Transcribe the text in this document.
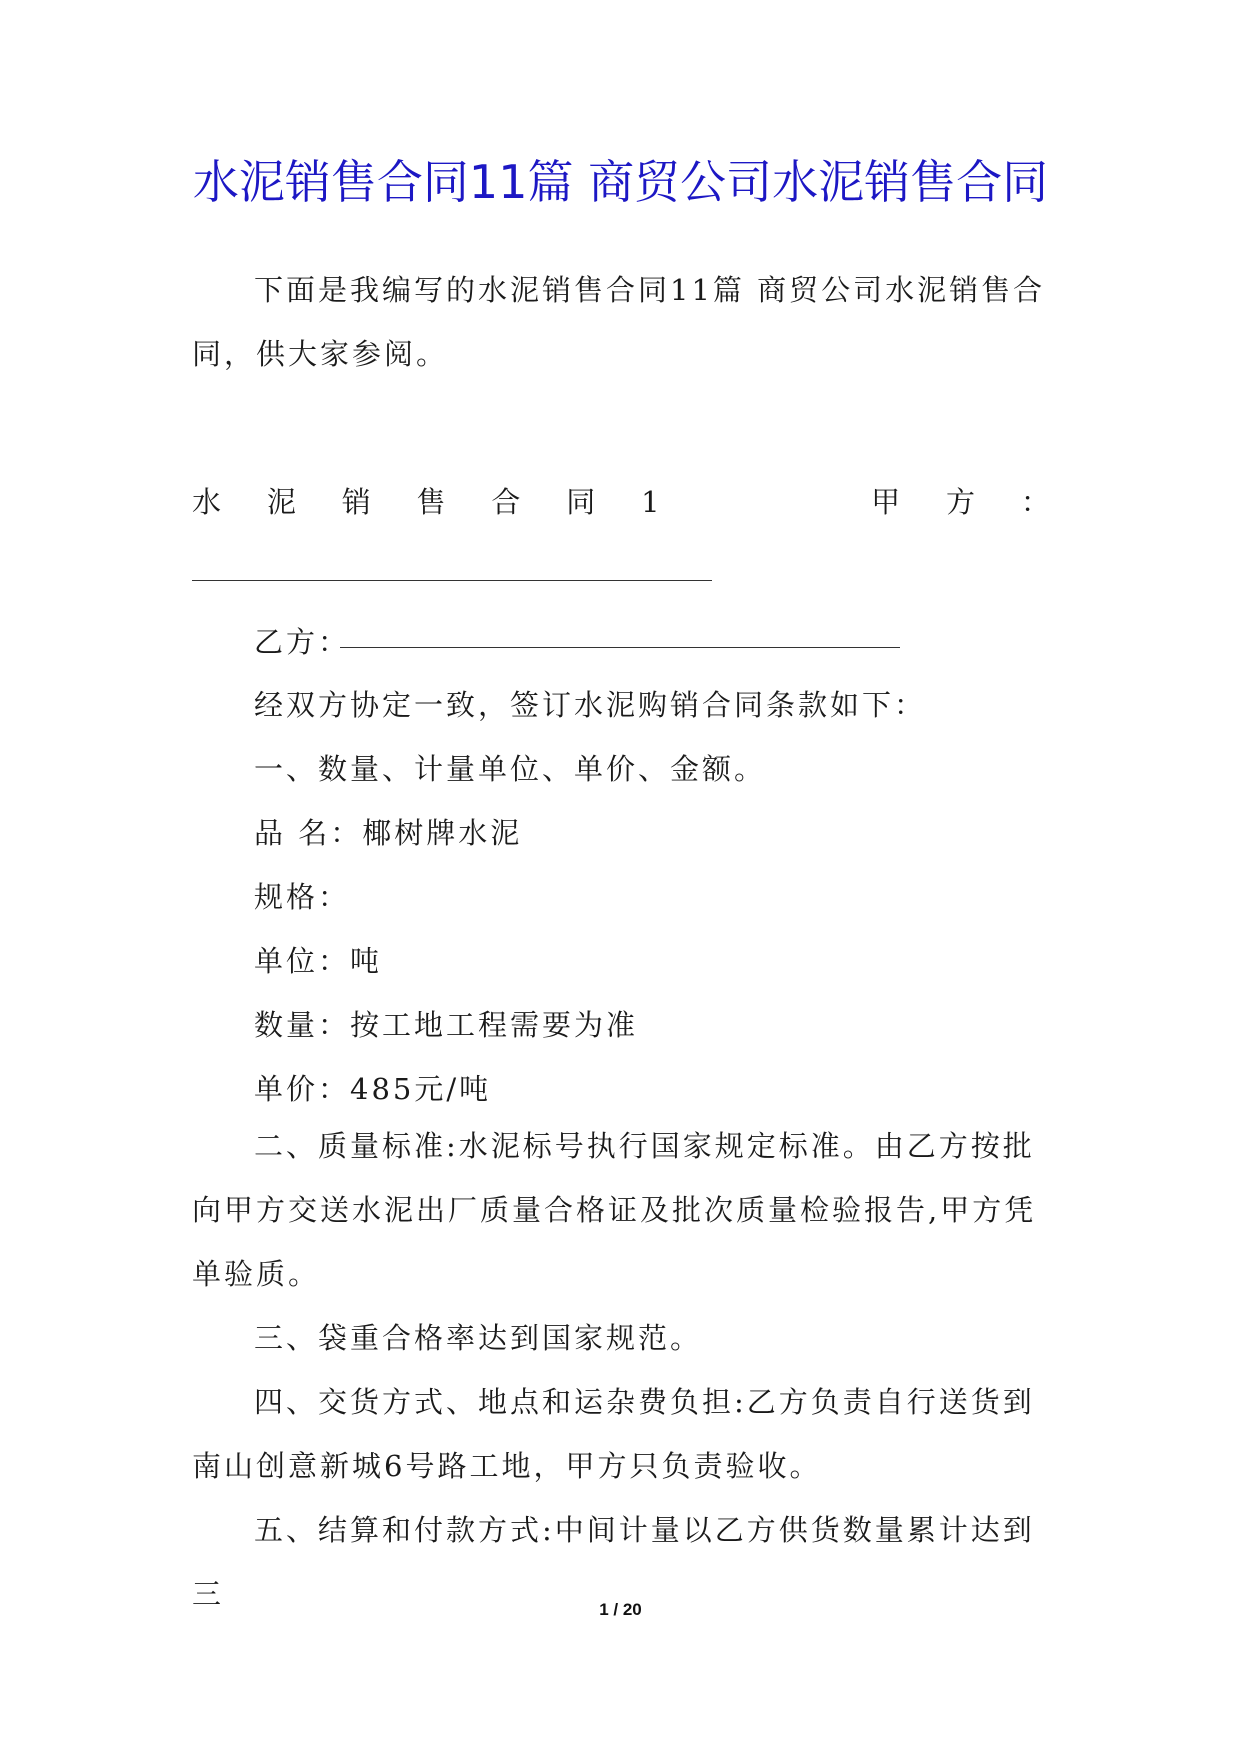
水泥销售合同11篇 商贸公司水泥销售合同

下面是我编写的水泥销售合同11篇 商贸公司水泥销售合同，供大家参阅。

水 泥 销 售 合 同 1	甲 方 ：
乙方：
经双方协定一致，签订水泥购销合同条款如下：
一、数量、计量单位、单价、金额。
品 名：椰树牌水泥
规格：
单位：吨
数量：按工地工程需要为准
单价：485元/吨

二、质量标准:水泥标号执行国家规定标准。由乙方按批向甲方交送水泥出厂质量合格证及批次质量检验报告,甲方凭单验质。

三、袋重合格率达到国家规范。

四、交货方式、地点和运杂费负担:乙方负责自行送货到南山创意新城6号路工地，甲方只负责验收。

五、结算和付款方式:中间计量以乙方供货数量累计达到三	1 / 20
